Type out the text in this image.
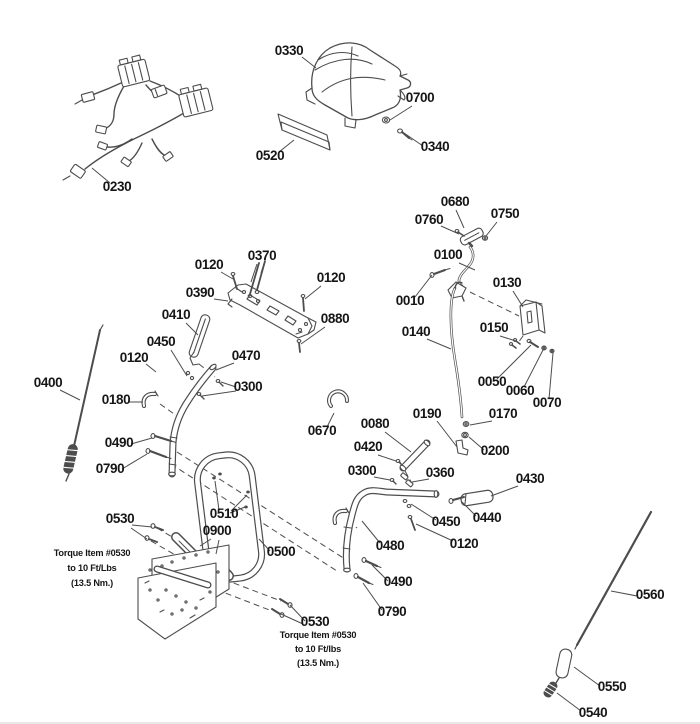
0230
0330
0700
0340
0520
0120
0370
0390
0120
0880
0410
0450
0120	0470
0300
0180
0490
0790
0400
0670
0680
0760	0750
0100
0010
0130
0140	0150
0050
0060
0070
0190	0170
0200
0080
0420
0300	0360	0430
0440
0450
0120
0480
0490
0790
0500
0510
0900
0530
0530
0560
0550
0540
Torque Item #0530 to 10 Ft/Lbs (13.5 Nm.)
Torque Item #0530 to 10 Ft/lbs (13.5 Nm.)
